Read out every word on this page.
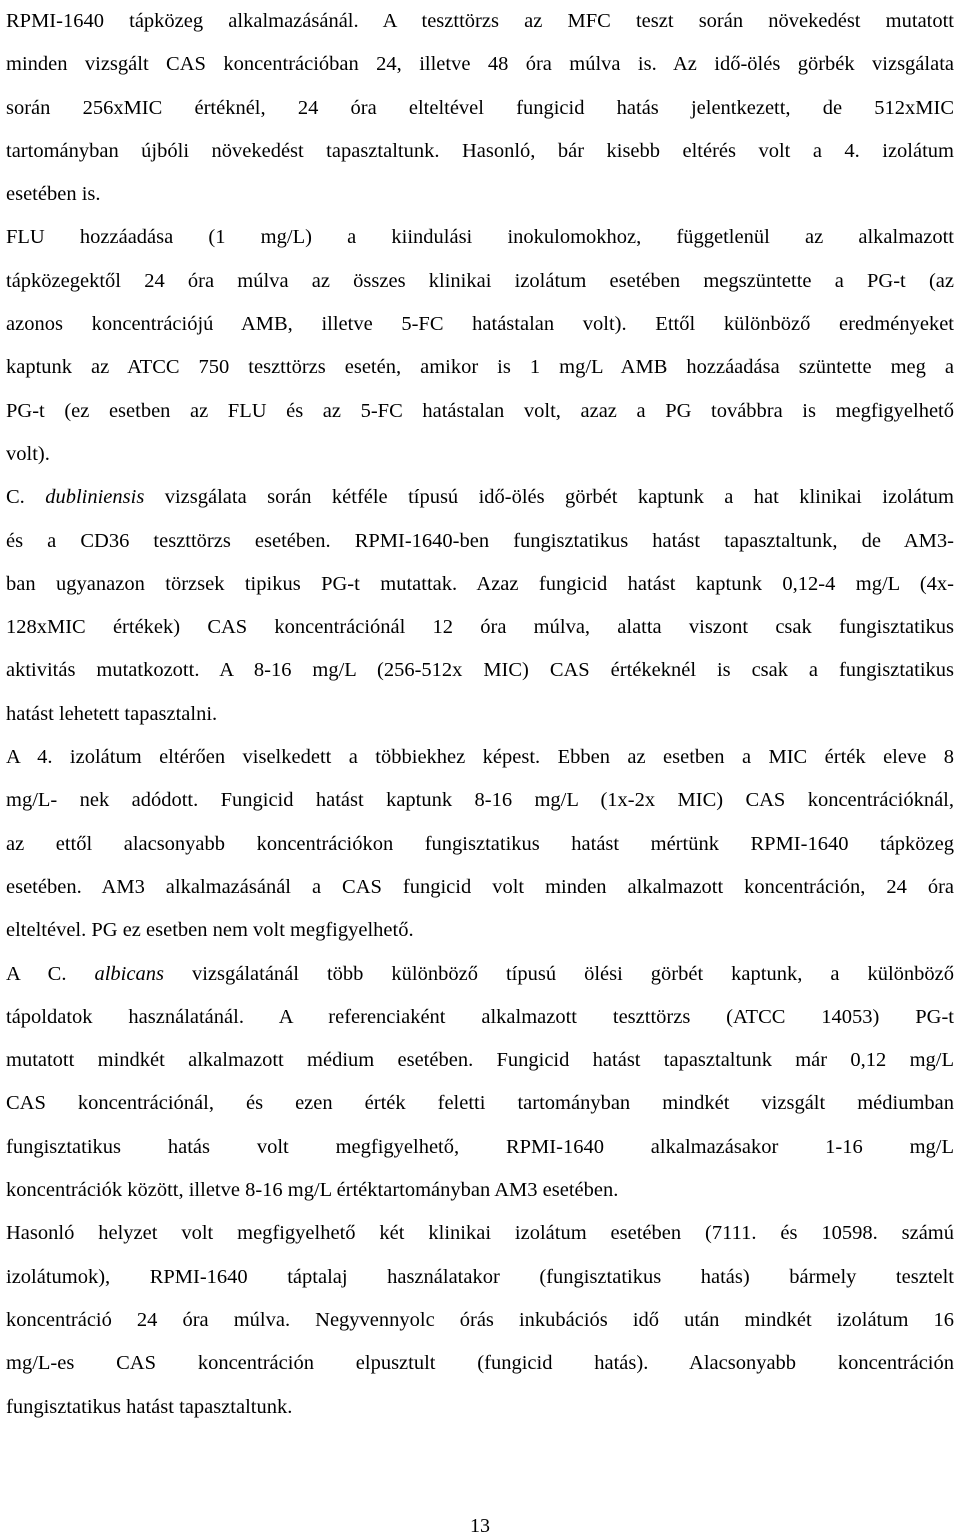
RPMI-1640 tápközeg alkalmazásánál. A teszttörzs az MFC teszt során növekedést mutatott
minden vizsgált CAS koncentrációban 24, illetve 48 óra múlva is. Az idő-ölés görbék vizsgálata
során 256xMIC értéknél, 24 óra elteltével fungicid hatás jelentkezett, de 512xMIC
tartományban újbóli növekedést tapasztaltunk. Hasonló, bár kisebb eltérés volt a 4. izolátum
esetében is.
FLU hozzáadása (1 mg/L) a kiindulási inokulomokhoz, függetlenül az alkalmazott
tápközegektől 24 óra múlva az összes klinikai izolátum esetében megszüntette a PG-t (az
azonos koncentrációjú AMB, illetve 5-FC hatástalan volt). Ettől különböző eredményeket
kaptunk az ATCC 750 teszttörzs esetén, amikor is 1 mg/L AMB hozzáadása szüntette meg a
PG-t (ez esetben az FLU és az 5-FC hatástalan volt, azaz a PG továbbra is megfigyelhető
volt).
C. dubliniensis vizsgálata során kétféle típusú idő-ölés görbét kaptunk a hat klinikai izolátum
és a CD36 teszttörzs esetében. RPMI-1640-ben fungisztatikus hatást tapasztaltunk, de AM3-
ban ugyanazon törzsek tipikus PG-t mutattak. Azaz fungicid hatást kaptunk 0,12-4 mg/L (4x-
128xMIC értékek) CAS koncentrációnál 12 óra múlva, alatta viszont csak fungisztatikus
aktivitás mutatkozott. A 8-16 mg/L (256-512x MIC) CAS értékeknél is csak a fungisztatikus
hatást lehetett tapasztalni.
A 4. izolátum eltérően viselkedett a többiekhez képest. Ebben az esetben a MIC érték eleve 8
mg/L- nek adódott. Fungicid hatást kaptunk 8-16 mg/L (1x-2x MIC) CAS koncentrációknál,
az ettől alacsonyabb koncentrációkon fungisztatikus hatást mértünk RPMI-1640 tápközeg
esetében. AM3 alkalmazásánál a CAS fungicid volt minden alkalmazott koncentráción, 24 óra
elteltével. PG ez esetben nem volt megfigyelhető.
A C. albicans vizsgálatánál több különböző típusú ölési görbét kaptunk, a különböző
tápoldatok használatánál. A referenciaként alkalmazott teszttörzs (ATCC 14053) PG-t
mutatott mindkét alkalmazott médium esetében. Fungicid hatást tapasztaltunk már 0,12 mg/L
CAS koncentrációnál, és ezen érték feletti tartományban mindkét vizsgált médiumban
fungisztatikus hatás volt megfigyelhető, RPMI-1640 alkalmazásakor 1-16 mg/L
koncentrációk között, illetve 8-16 mg/L értéktartományban AM3 esetében.
Hasonló helyzet volt megfigyelhető két klinikai izolátum esetében (7111. és 10598. számú
izolátumok), RPMI-1640 táptalaj használatakor (fungisztatikus hatás) bármely tesztelt
koncentráció 24 óra múlva. Negyvennyolc órás inkubációs idő után mindkét izolátum 16
mg/L-es CAS koncentráción elpusztult (fungicid hatás). Alacsonyabb koncentráción
fungisztatikus hatást tapasztaltunk.
13
